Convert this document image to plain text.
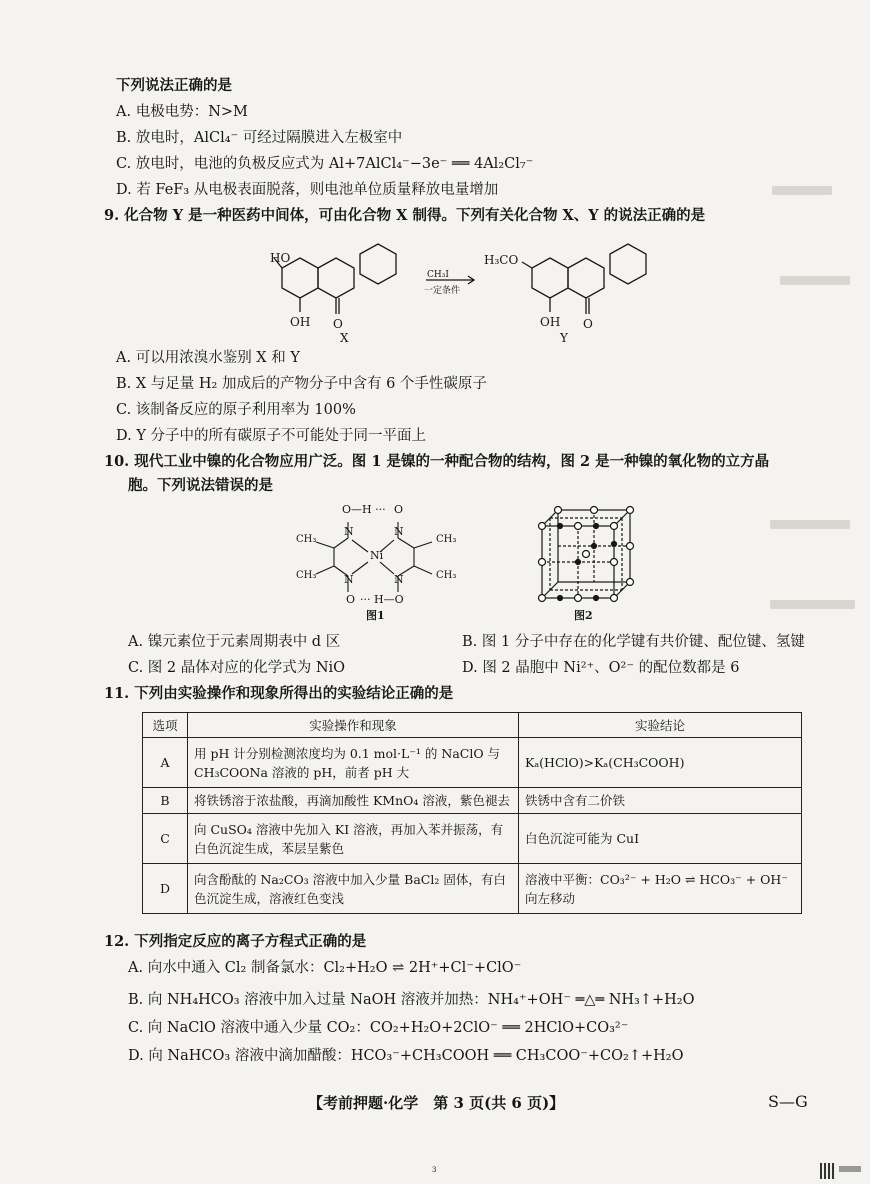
下列说法正确的是
A. 电极电势：N>M
B. 放电时，AlCl₄⁻ 可经过隔膜进入左极室中
C. 放电时，电池的负极反应式为 Al+7AlCl₄⁻−3e⁻ ══ 4Al₂Cl₇⁻
D. 若 FeF₃ 从电极表面脱落，则电池单位质量释放电量增加
9. 化合物 Y 是一种医药中间体，可由化合物 X 制得。下列有关化合物 X、Y 的说法正确的是
HO
OH O
X
CH₃I
一定条件
H₃CO
OH O
Y
A. 可以用浓溴水鉴别 X 和 Y
B. X 与足量 H₂ 加成后的产物分子中含有 6 个手性碳原子
C. 该制备反应的原子利用率为 100%
D. Y 分子中的所有碳原子不可能处于同一平面上
10. 现代工业中镍的化合物应用广泛。图 1 是镍的一种配合物的结构，图 2 是一种镍的氧化物的立方晶
胞。下列说法错误的是
O—H ··· O
N	N
CH₃	CH₃
Ni
CH₃	CH₃
N	N
O ··· H—O
图1	图2
A. 镍元素位于元素周期表中 d 区	B. 图 1 分子中存在的化学键有共价键、配位键、氢键
C. 图 2 晶体对应的化学式为 NiO	D. 图 2 晶胞中 Ni²⁺、O²⁻ 的配位数都是 6
11. 下列由实验操作和现象所得出的实验结论正确的是
选项	实验操作和现象	实验结论
A	用 pH 计分别检测浓度均为 0.1 mol·L⁻¹ 的 NaClO 与 CH₃COONa 溶液的 pH，前者 pH 大	Kₐ(HClO)>Kₐ(CH₃COOH)
B	将铁锈溶于浓盐酸，再滴加酸性 KMnO₄ 溶液，紫色褪去	铁锈中含有二价铁
C	向 CuSO₄ 溶液中先加入 KI 溶液，再加入苯并振荡，有白色沉淀生成，苯层呈紫色	白色沉淀可能为 CuI
D	向含酚酞的 Na₂CO₃ 溶液中加入少量 BaCl₂ 固体，有白色沉淀生成，溶液红色变浅	溶液中平衡：CO₃²⁻ + H₂O ⇌ HCO₃⁻ + OH⁻ 向左移动
12. 下列指定反应的离子方程式正确的是
A. 向水中通入 Cl₂ 制备氯水：Cl₂+H₂O ⇌ 2H⁺+Cl⁻+ClO⁻
B. 向 NH₄HCO₃ 溶液中加入过量 NaOH 溶液并加热：NH₄⁺+OH⁻ ═△═ NH₃↑+H₂O
C. 向 NaClO 溶液中通入少量 CO₂：CO₂+H₂O+2ClO⁻ ══ 2HClO+CO₃²⁻
D. 向 NaHCO₃ 溶液中滴加醋酸：HCO₃⁻+CH₃COOH ══ CH₃COO⁻+CO₂↑+H₂O
【考前押题·化学　第 3 页(共 6 页)】	S—G
3
